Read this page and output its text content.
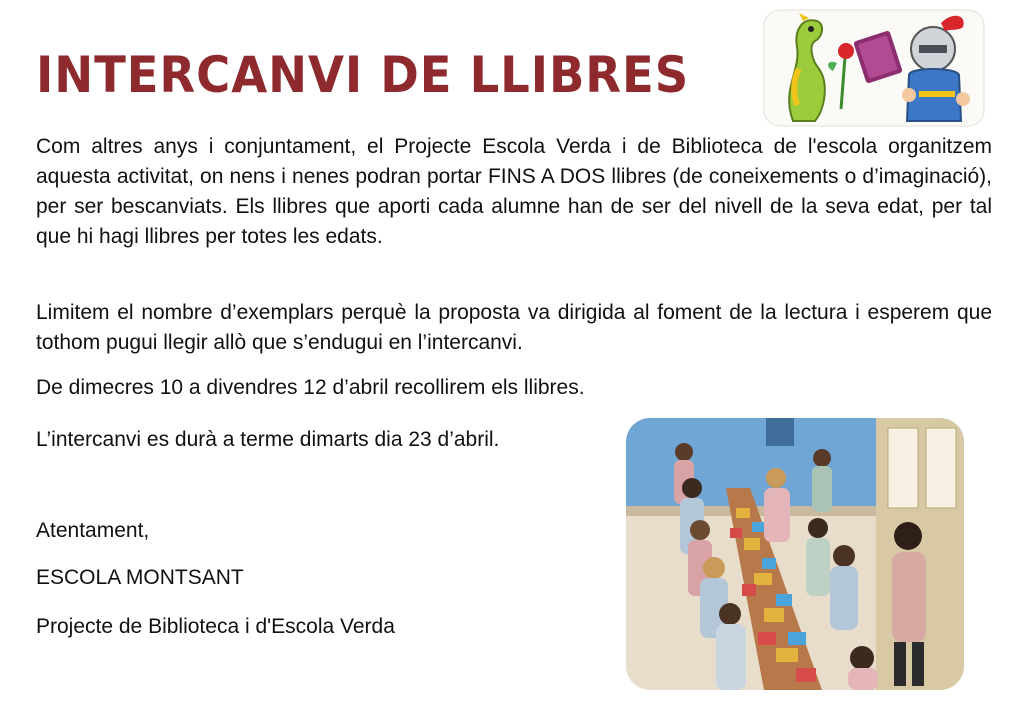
INTERCANVI DE LLIBRES

Com altres anys i conjuntament, el Projecte Escola Verda i de Biblioteca de l'escola organitzem aquesta activitat, on nens i nenes podran portar FINS A DOS llibres (de coneixements o d’imaginació), per ser bescanviats. Els llibres que aporti cada alumne han de ser del nivell de la seva edat, per tal que hi hagi llibres per totes les edats.

Limitem el nombre d’exemplars perquè la proposta va dirigida al foment de la lectura i esperem que tothom pugui llegir allò que s’endugui en l’intercanvi.

De dimecres 10 a divendres 12 d’abril recollirem els llibres.

L’intercanvi es durà a terme dimarts dia 23 d’abril.

Atentament,

ESCOLA MONTSANT

Projecte de Biblioteca i d'Escola Verda
